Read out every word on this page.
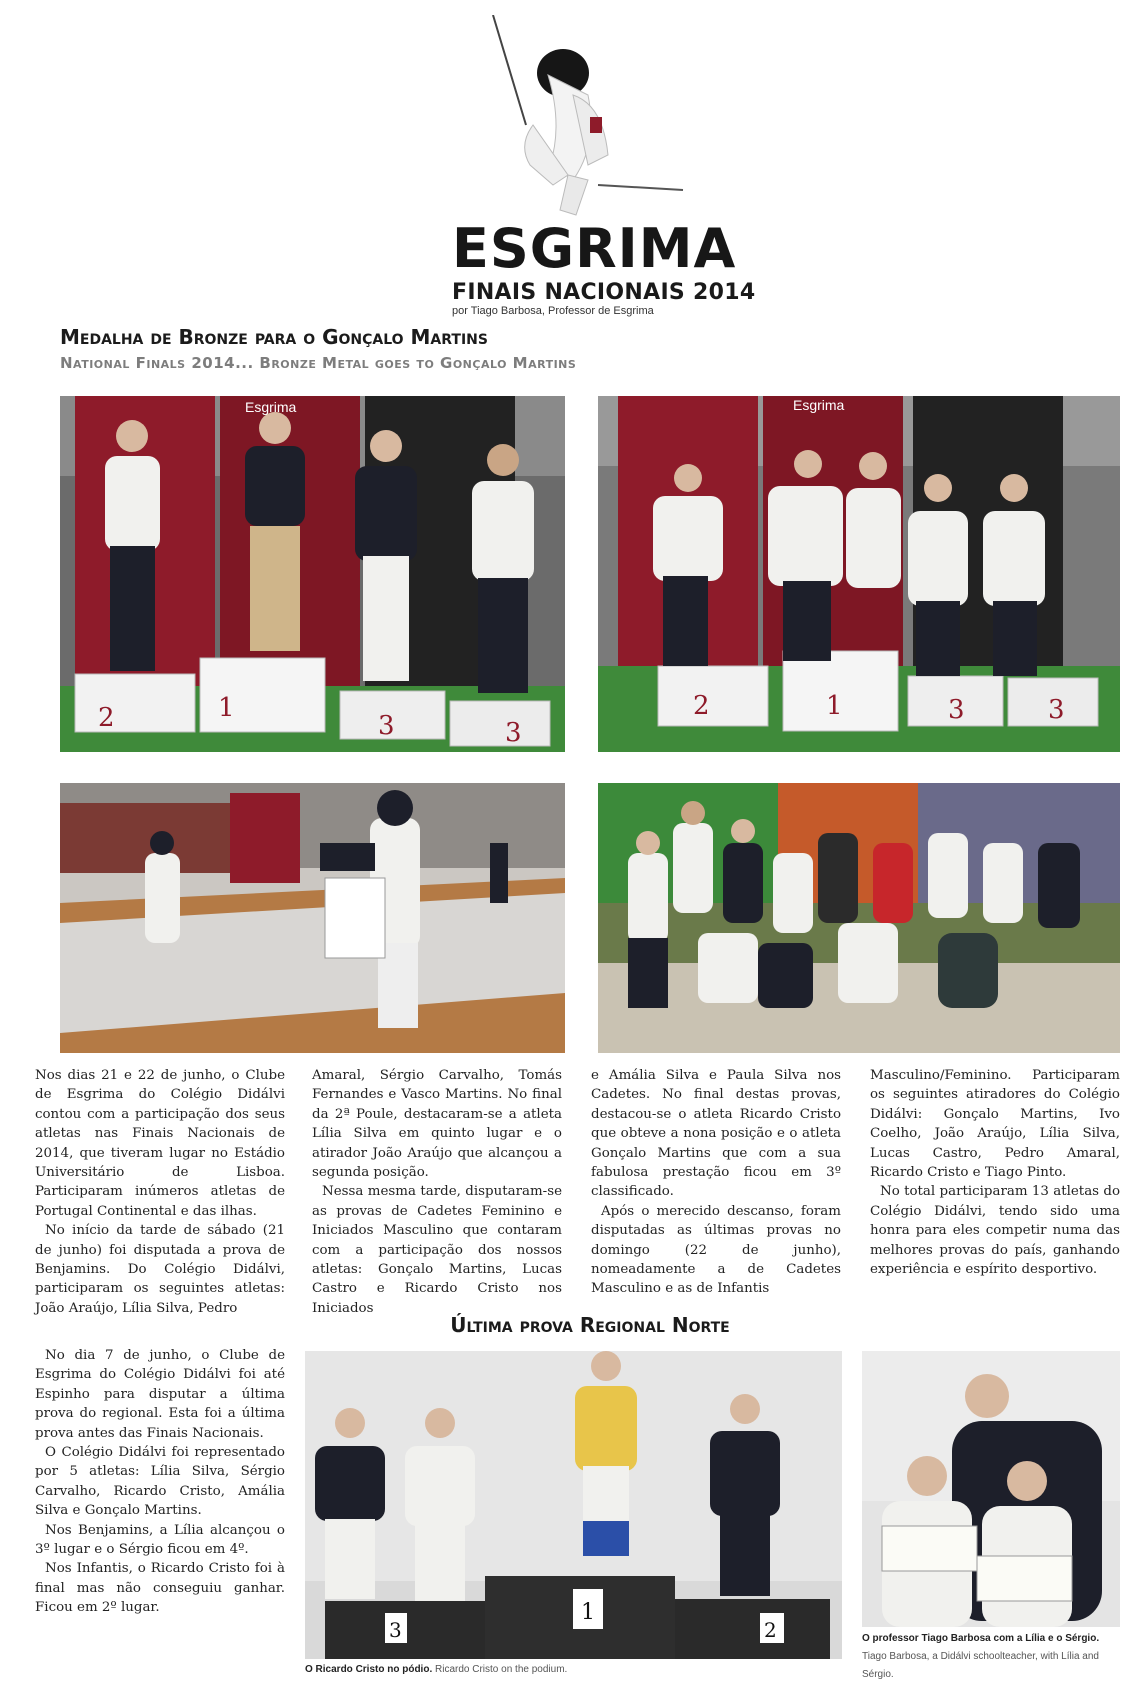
ESGRIMA
FINAIS NACIONAIS 2014
por Tiago Barbosa, Professor de Esgrima
Medalha de Bronze para o Gonçalo Martins
National Finals 2014... Bronze Metal goes to Gonçalo Martins
2	1
3	3
Esgrima
2	1	3	3
Esgrima

Nos dias 21 e 22 de junho, o Clube de Esgrima do Colégio Didálvi contou com a participação dos seus atletas nas Finais Nacionais de 2014, que tiveram lugar no Estádio Universitário de Lisboa. Participaram inúmeros atletas de Portugal Continental e das ilhas.

No início da tarde de sábado (21 de junho) foi disputada a prova de Benjamins. Do Colégio Didálvi, participaram os seguintes atletas: João Araújo, Lília Silva, Pedro

Amaral, Sérgio Carvalho, Tomás Fernandes e Vasco Martins. No final da 2ª Poule, destacaram-se a atleta Lília Silva em quinto lugar e o atirador João Araújo que alcançou a segunda posição.

Nessa mesma tarde, disputaram-se as provas de Cadetes Feminino e Iniciados Masculino que contaram com a participação dos nossos atletas: Gonçalo Martins, Lucas Castro e Ricardo Cristo nos Iniciados

e Amália Silva e Paula Silva nos Cadetes. No final destas provas, destacou-se o atleta Ricardo Cristo que obteve a nona posição e o atleta Gonçalo Martins que com a sua fabulosa prestação ficou em 3º classificado.

Após o merecido descanso, foram disputadas as últimas provas no domingo (22 de junho), nomeadamente a de Cadetes Masculino e as de Infantis

Masculino/Feminino. Participaram os seguintes atiradores do Colégio Didálvi: Gonçalo Martins, Ivo Coelho, João Araújo, Lília Silva, Lucas Castro, Pedro Amaral, Ricardo Cristo e Tiago Pinto.

No total participaram 13 atletas do Colégio Didálvi, tendo sido uma honra para eles competir numa das melhores provas do país, ganhando experiência e espírito desportivo.

Última prova Regional Norte

No dia 7 de junho, o Clube de Esgrima do Colégio Didálvi foi até Espinho para disputar a última prova do regional. Esta foi a última prova antes das Finais Nacionais.

O Colégio Didálvi foi representado por 5 atletas: Lília Silva, Sérgio Carvalho, Ricardo Cristo, Amália Silva e Gonçalo Martins.

Nos Benjamins, a Lília alcançou o 3º lugar e o Sérgio ficou em 4º.

Nos Infantis, o Ricardo Cristo foi à final mas não conseguiu ganhar. Ficou em 2º lugar.

3
1
2
O Ricardo Cristo no pódio. Ricardo Cristo on the podium.
O professor Tiago Barbosa com a Lília e o Sérgio. Tiago Barbosa, a Didálvi schoolteacher, with Lília and Sérgio.
